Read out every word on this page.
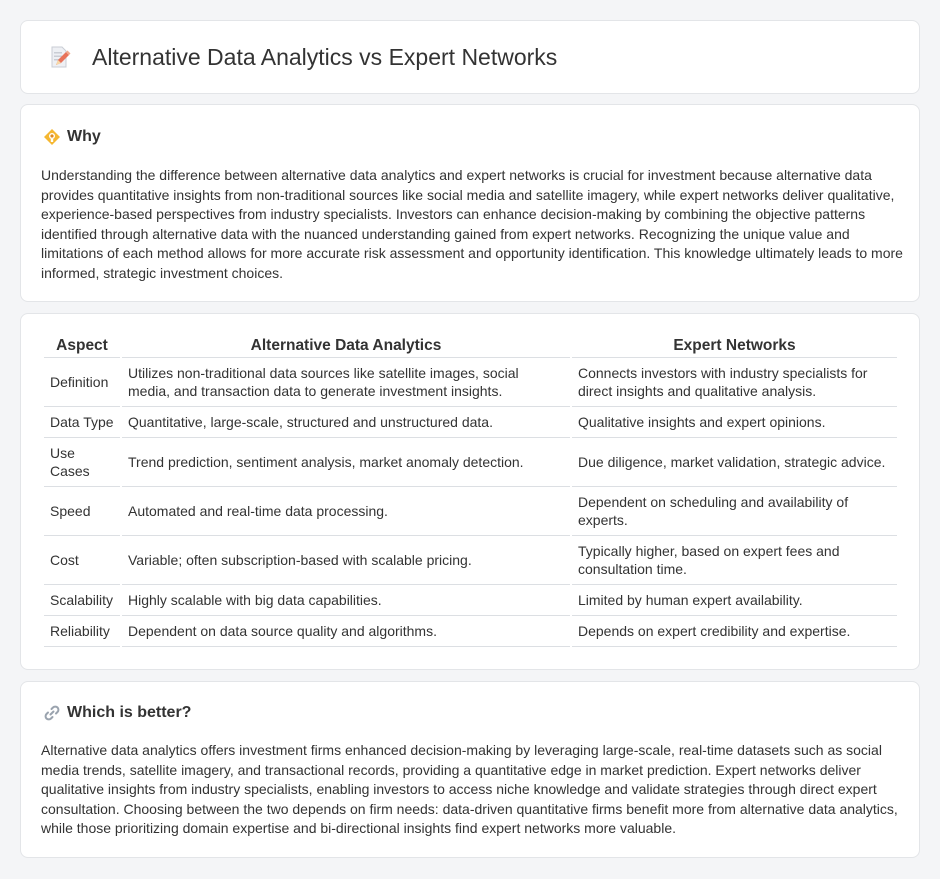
Alternative Data Analytics vs Expert Networks
Why

Understanding the difference between alternative data analytics and expert networks is crucial for investment because alternative data provides quantitative insights from non-traditional sources like social media and satellite imagery, while expert networks deliver qualitative, experience-based perspectives from industry specialists. Investors can enhance decision-making by combining the objective patterns identified through alternative data with the nuanced understanding gained from expert networks. Recognizing the unique value and limitations of each method allows for more accurate risk assessment and opportunity identification. This knowledge ultimately leads to more informed, strategic investment choices.

Aspect	Alternative Data Analytics	Expert Networks
Definition	Utilizes non-traditional data sources like satellite images, social media, and transaction data to generate investment insights.	Connects investors with industry specialists for direct insights and qualitative analysis.
Data Type	Quantitative, large-scale, structured and unstructured data.	Qualitative insights and expert opinions.
Use Cases	Trend prediction, sentiment analysis, market anomaly detection.	Due diligence, market validation, strategic advice.
Speed	Automated and real-time data processing.	Dependent on scheduling and availability of experts.
Cost	Variable; often subscription-based with scalable pricing.	Typically higher, based on expert fees and consultation time.
Scalability	Highly scalable with big data capabilities.	Limited by human expert availability.
Reliability	Dependent on data source quality and algorithms.	Depends on expert credibility and expertise.
Which is better?

Alternative data analytics offers investment firms enhanced decision-making by leveraging large-scale, real-time datasets such as social media trends, satellite imagery, and transactional records, providing a quantitative edge in market prediction. Expert networks deliver qualitative insights from industry specialists, enabling investors to access niche knowledge and validate strategies through direct expert consultation. Choosing between the two depends on firm needs: data-driven quantitative firms benefit more from alternative data analytics, while those prioritizing domain expertise and bi-directional insights find expert networks more valuable.
